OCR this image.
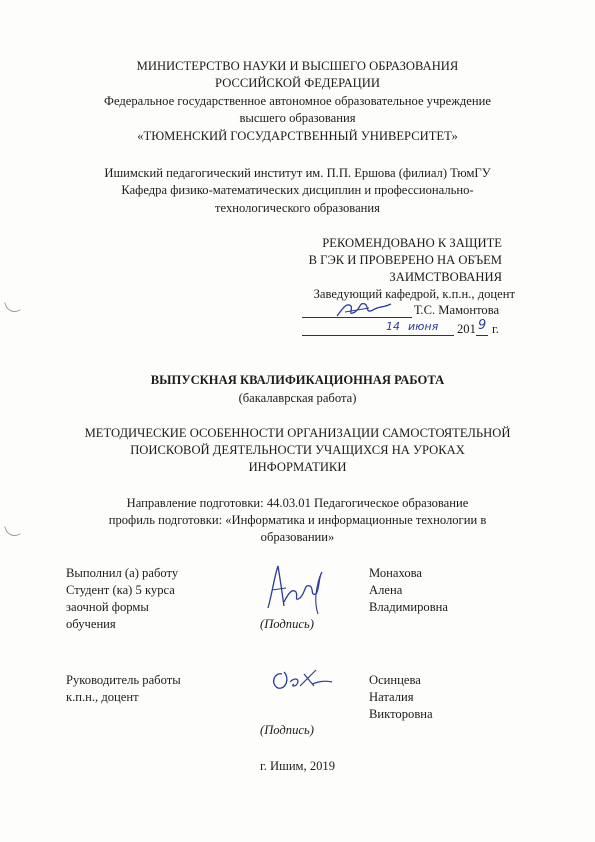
МИНИСТЕРСТВО НАУКИ И ВЫСШЕГО ОБРАЗОВАНИЯ
РОССИЙСКОЙ ФЕДЕРАЦИИ
Федеральное государственное автономное образовательное учреждение
высшего образования
«ТЮМЕНСКИЙ ГОСУДАРСТВЕННЫЙ УНИВЕРСИТЕТ»
Ишимский педагогический институт им. П.П. Ершова (филиал) ТюмГУ
Кафедра физико-математических дисциплин и профессионально-
технологического образования
РЕКОМЕНДОВАНО К ЗАЩИТЕ
В ГЭК И ПРОВЕРЕНО НА ОБЪЕМ
ЗАИМСТВОВАНИЯ
Заведующий кафедрой, к.п.н., доцент
Т.С. Мамонтова
14 июня 201 9 г.
ВЫПУСКНАЯ КВАЛИФИКАЦИОННАЯ РАБОТА
(бакалаврская работа)
МЕТОДИЧЕСКИЕ ОСОБЕННОСТИ ОРГАНИЗАЦИИ САМОСТОЯТЕЛЬНОЙ
ПОИСКОВОЙ ДЕЯТЕЛЬНОСТИ УЧАЩИХСЯ НА УРОКАХ
ИНФОРМАТИКИ
Направление подготовки: 44.03.01 Педагогическое образование
профиль подготовки: «Информатика и информационные технологии в
образовании»
Выполнил (а) работу
Студент (ка) 5 курса
заочной формы
обучения	(Подпись)
Монахова
Алена
Владимировна
Руководитель работы
к.п.н., доцент
Осинцева
Наталия
Викторовна
(Подпись)
г. Ишим, 2019
